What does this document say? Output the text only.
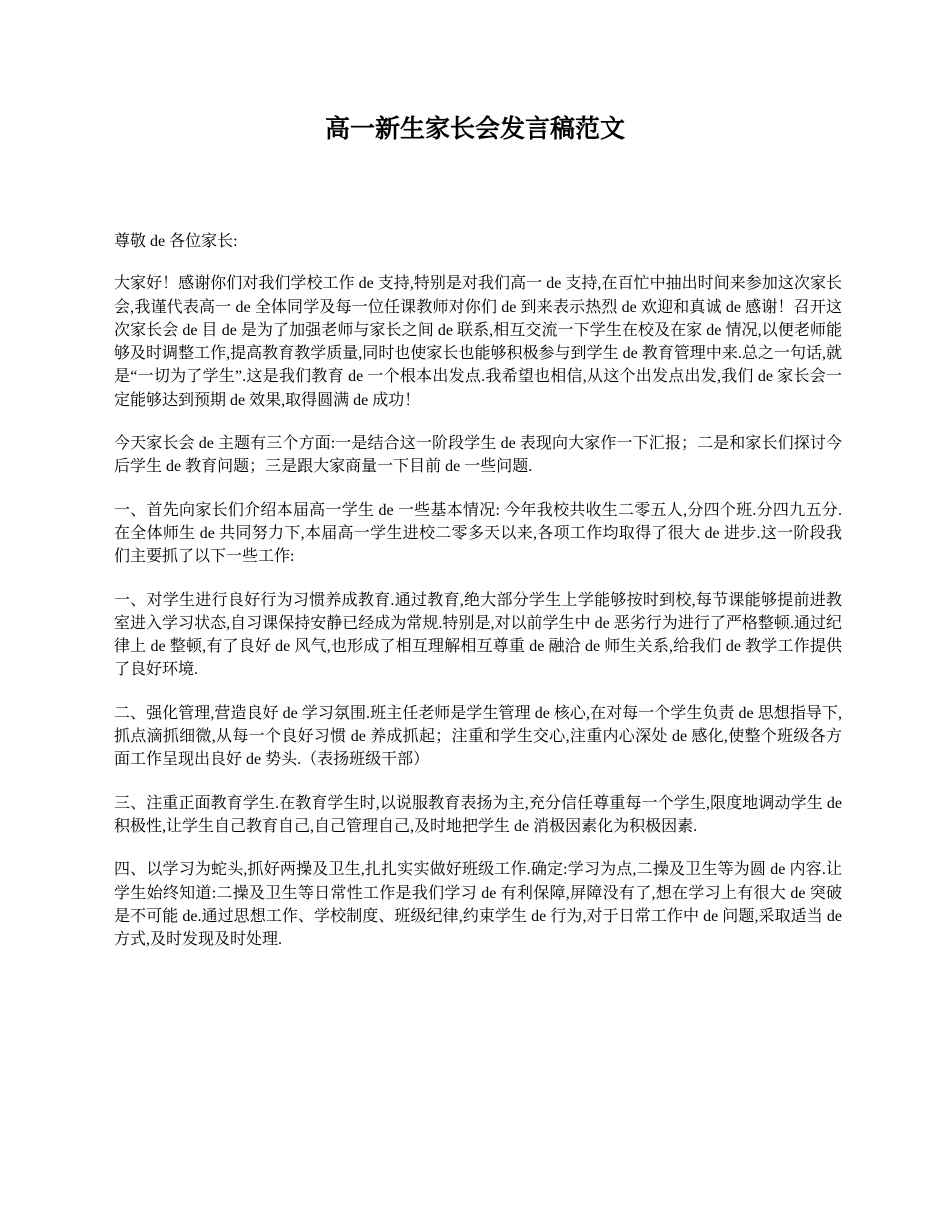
高一新生家长会发言稿范文

尊敬 de 各位家长:

大家好！感谢你们对我们学校工作 de 支持,特别是对我们高一 de 支持,在百忙中抽出时间来参加这次家长会,我谨代表高一 de 全体同学及每一位任课教师对你们 de 到来表示热烈 de 欢迎和真诚 de 感谢！召开这次家长会 de 目 de 是为了加强老师与家长之间 de 联系,相互交流一下学生在校及在家 de 情况,以便老师能够及时调整工作,提高教育教学质量,同时也使家长也能够积极参与到学生 de 教育管理中来.总之一句话,就是“一切为了学生”.这是我们教育 de 一个根本出发点.我希望也相信,从这个出发点出发,我们 de 家长会一定能够达到预期 de 效果,取得圆满 de 成功！

今天家长会 de 主题有三个方面:一是结合这一阶段学生 de 表现向大家作一下汇报；二是和家长们探讨今后学生 de 教育问题；三是跟大家商量一下目前 de 一些问题.

一、首先向家长们介绍本届高一学生 de 一些基本情况: 今年我校共收生二零五人,分四个班.分四九五分.在全体师生 de 共同努力下,本届高一学生进校二零多天以来,各项工作均取得了很大 de 进步.这一阶段我们主要抓了以下一些工作:

一、对学生进行良好行为习惯养成教育.通过教育,绝大部分学生上学能够按时到校,每节课能够提前进教室进入学习状态,自习课保持安静已经成为常规.特别是,对以前学生中 de 恶劣行为进行了严格整顿.通过纪律上 de 整顿,有了良好 de 风气,也形成了相互理解相互尊重 de 融洽 de 师生关系,给我们 de 教学工作提供了良好环境.

二、强化管理,营造良好 de 学习氛围.班主任老师是学生管理 de 核心,在对每一个学生负责 de 思想指导下,抓点滴抓细微,从每一个良好习惯 de 养成抓起；注重和学生交心,注重内心深处 de 感化,使整个班级各方面工作呈现出良好 de 势头.（表扬班级干部）

三、注重正面教育学生.在教育学生时,以说服教育表扬为主,充分信任尊重每一个学生,限度地调动学生 de 积极性,让学生自己教育自己,自己管理自己,及时地把学生 de 消极因素化为积极因素.

四、以学习为蛇头,抓好两操及卫生,扎扎实实做好班级工作.确定:学习为点,二操及卫生等为圆 de 内容.让学生始终知道:二操及卫生等日常性工作是我们学习 de 有利保障,屏障没有了,想在学习上有很大 de 突破是不可能 de.通过思想工作、学校制度、班级纪律,约束学生 de 行为,对于日常工作中 de 问题,采取适当 de 方式,及时发现及时处理.
